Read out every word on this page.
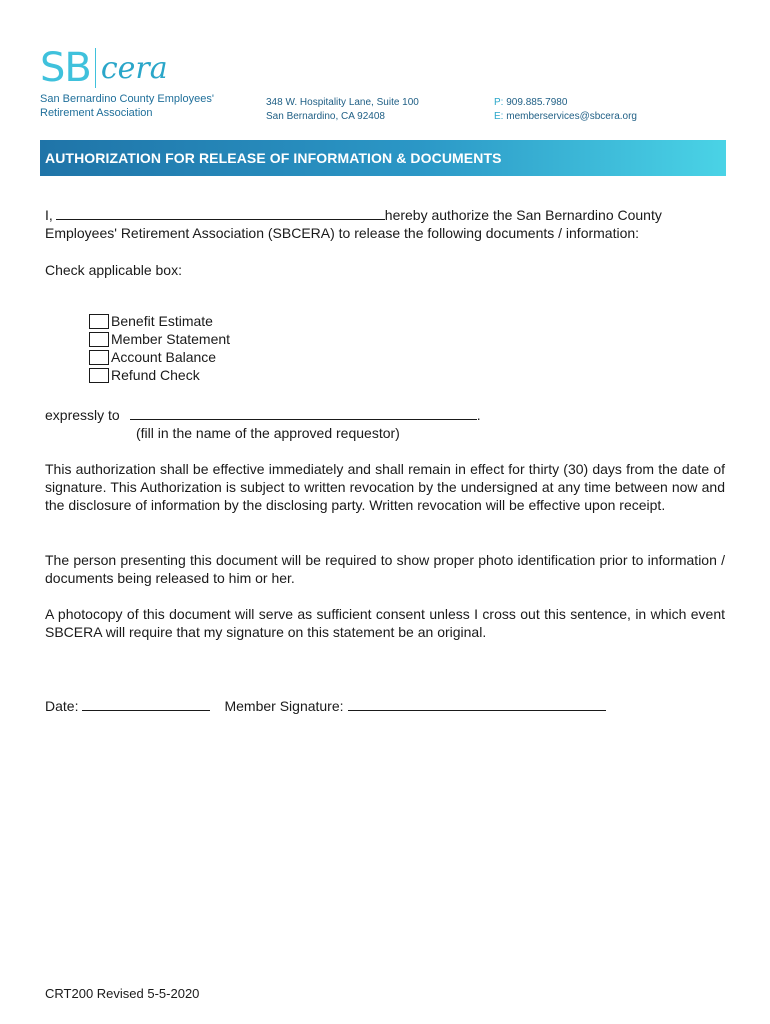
SB cera
San Bernardino County Employees'
Retirement Association
348 W. Hospitality Lane, Suite 100
San Bernardino, CA 92408
P: 909.885.7980
E: memberservices@sbcera.org
AUTHORIZATION FOR RELEASE OF INFORMATION & DOCUMENTS
I,	hereby authorize the San Bernardino County
Employees' Retirement Association (SBCERA) to release the following documents / information:
Check applicable box:
Benefit Estimate
Member Statement
Account Balance
Refund Check
expressly to	.
(fill in the name of the approved requestor)
This authorization shall be effective immediately and shall remain in effect for thirty (30) days from the date of signature. This Authorization is subject to written revocation by the undersigned at any time between now and the disclosure of information by the disclosing party. Written revocation will be effective upon receipt.
The person presenting this document will be required to show proper photo identification prior to information / documents being released to him or her.
A photocopy of this document will serve as sufficient consent unless I cross out this sentence, in which event SBCERA will require that my signature on this statement be an original.
Date:	Member Signature:
CRT200 Revised 5-5-2020
